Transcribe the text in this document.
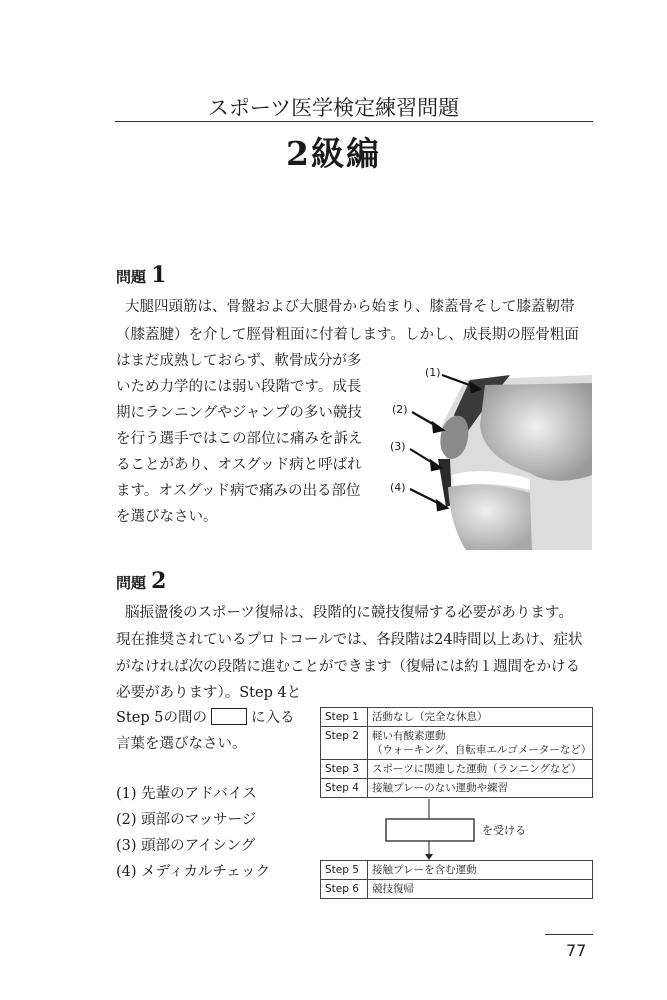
スポーツ医学検定練習問題
2級編
問題 1
大腿四頭筋は、骨盤および大腿骨から始まり、膝蓋骨そして膝蓋靭帯
（膝蓋腱）を介して脛骨粗面に付着します。しかし、成長期の脛骨粗面
はまだ成熟しておらず、軟骨成分が多
いため力学的には弱い段階です。成長
期にランニングやジャンプの多い競技
を行う選手ではこの部位に痛みを訴え
ることがあり、オスグッド病と呼ばれ
ます。オスグッド病で痛みの出る部位
を選びなさい。
(1)
(2)
(3)
(4)
問題 2
脳振盪後のスポーツ復帰は、段階的に競技復帰する必要があります。
現在推奨されているプロトコールでは、各段階は24時間以上あけ、症状
がなければ次の段階に進むことができます（復帰には約１週間をかける
必要があります）。Step 4と
Step 5の間の	に入る
言葉を選びなさい。
(1) 先輩のアドバイス
(2) 頭部のマッサージ
(3) 頭部のアイシング
(4) メディカルチェック
Step 1	活動なし（完全な休息）
Step 2	軽い有酸素運動
（ウォーキング、自転車エルゴメーターなど）

Step 3	スポーツに関連した運動（ランニングなど）
Step 4	接触プレーのない運動や練習
を受ける
Step 5	接触プレーを含む運動
Step 6	競技復帰
77
